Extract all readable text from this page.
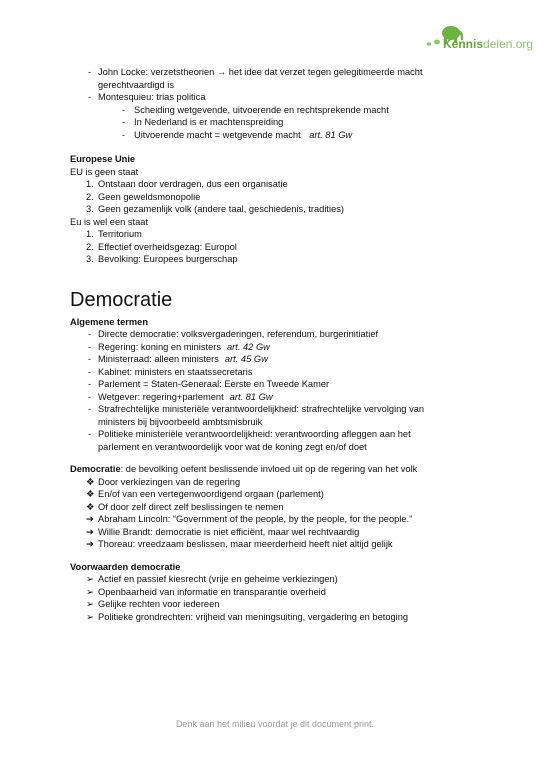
Kennisdelen.org
- John Locke: verzetstheorien → het idee dat verzet tegen gelegitimeerde macht
gerechtvaardigd is
- Montesquieu: trias politica
- Scheiding wetgevende, uitvoerende en rechtsprekende macht
- In Nederland is er machtenspreiding
- Uitvoerende macht = wetgevende macht art. 81 Gw
Europese Unie
EU is geen staat
1. Ontstaan door verdragen, dus een organisatie
2. Geen geweldsmonopolie
3. Geen gezamenlijk volk (andere taal, geschiedenis, tradities)
Eu is wel een staat
1. Territorium
2. Effectief overheidsgezag: Europol
3. Bevolking: Europees burgerschap
Democratie
Algemene termen
- Directe democratie: volksvergaderingen, referendum, burgerinitiatief
- Regering: koning en ministers art. 42 Gw
- Ministerraad: alleen ministers art. 45 Gw
- Kabinet: ministers en staatssecretaris
- Parlement = Staten-Generaal: Eerste en Tweede Kamer
- Wetgever: regering+parlement art. 81 Gw
- Strafrechtelijke ministeriële verantwoordelijkheid: strafrechtelijke vervolging van
ministers bij bijvoorbeeld ambtsmisbruik
- Politieke ministeriële verantwoordelijkheid: verantwoording afleggen aan het
parlement en verantwoordelijk voor wat de koning zegt en/of doet
Democratie: de bevolking oefent beslissende invloed uit op de regering van het volk
❖ Door verkiezingen van de regering
❖ En/of van een vertegenwoordigend orgaan (parlement)
❖ Of door zelf direct zelf beslissingen te nemen
➔ Abraham Lincoln: “Government of the people, by the people, for the people.”
➔ Willie Brandt: democratie is niet efficiënt, maar wel rechtvaardig
➔ Thoreau: vreedzaam beslissen, maar meerderheid heeft niet altijd gelijk
Voorwaarden democratie
➢ Actief en passief kiesrecht (vrije en geheime verkiezingen)
➢ Openbaarheid van informatie en transparantie overheid
➢ Gelijke rechten voor iedereen
➢ Politieke grondrechten: vrijheid van meningsuiting, vergadering en betoging
Denk aan het milieu voordat je dit document print.
